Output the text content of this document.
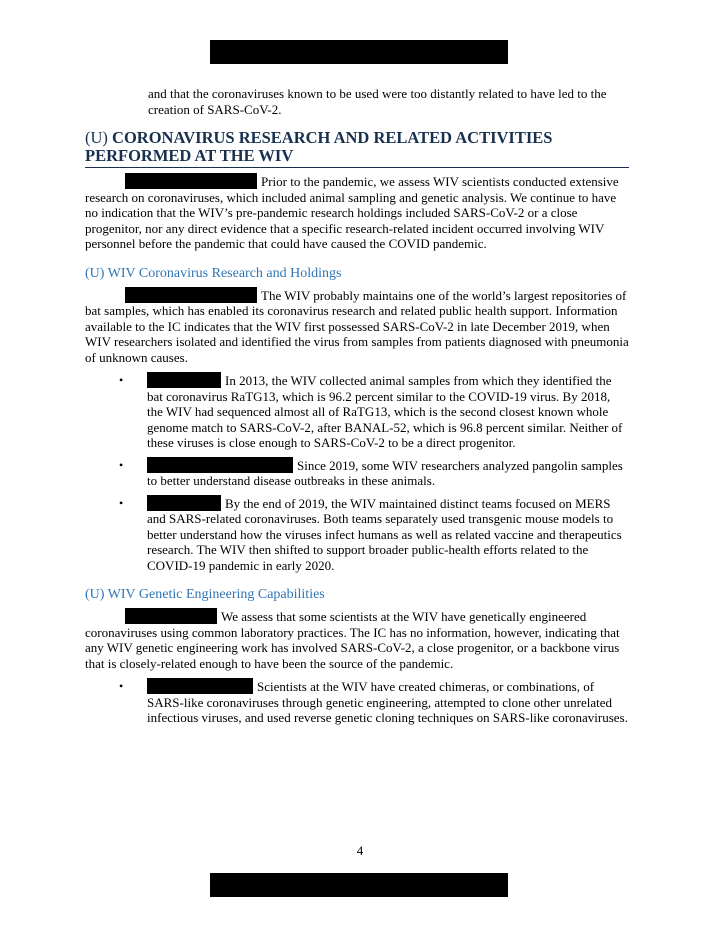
and that the coronaviruses known to be used were too distantly related to have led to the creation of SARS-CoV-2.

(U) CORONAVIRUS RESEARCH AND RELATED ACTIVITIES
PERFORMED AT THE WIV

Prior to the pandemic, we assess WIV scientists conducted extensive research on coronaviruses, which included animal sampling and genetic analysis. We continue to have no indication that the WIV’s pre-pandemic research holdings included SARS-CoV-2 or a close progenitor, nor any direct evidence that a specific research-related incident occurred involving WIV personnel before the pandemic that could have caused the COVID pandemic.

(U) WIV Coronavirus Research and Holdings

The WIV probably maintains one of the world’s largest repositories of bat samples, which has enabled its coronavirus research and related public health support. Information available to the IC indicates that the WIV first possessed SARS-CoV-2 in late December 2019, when WIV researchers isolated and identified the virus from samples from patients diagnosed with pneumonia of unknown causes.

•	In 2013, the WIV collected animal samples from which they identified the bat coronavirus RaTG13, which is 96.2 percent similar to the COVID-19 virus. By 2018, the WIV had sequenced almost all of RaTG13, which is the second closest known whole genome match to SARS-CoV-2, after BANAL-52, which is 96.8 percent similar. Neither of these viruses is close enough to SARS-CoV-2 to be a direct progenitor.
•	Since 2019, some WIV researchers analyzed pangolin samples to better understand disease outbreaks in these animals.
•	By the end of 2019, the WIV maintained distinct teams focused on MERS and SARS-related coronaviruses. Both teams separately used transgenic mouse models to better understand how the viruses infect humans as well as related vaccine and therapeutics research. The WIV then shifted to support broader public-health efforts related to the COVID-19 pandemic in early 2020.
(U) WIV Genetic Engineering Capabilities

We assess that some scientists at the WIV have genetically engineered coronaviruses using common laboratory practices. The IC has no information, however, indicating that any WIV genetic engineering work has involved SARS-CoV-2, a close progenitor, or a backbone virus that is closely-related enough to have been the source of the pandemic.

•	Scientists at the WIV have created chimeras, or combinations, of SARS-like coronaviruses through genetic engineering, attempted to clone other unrelated infectious viruses, and used reverse genetic cloning techniques on SARS-like coronaviruses.
4
